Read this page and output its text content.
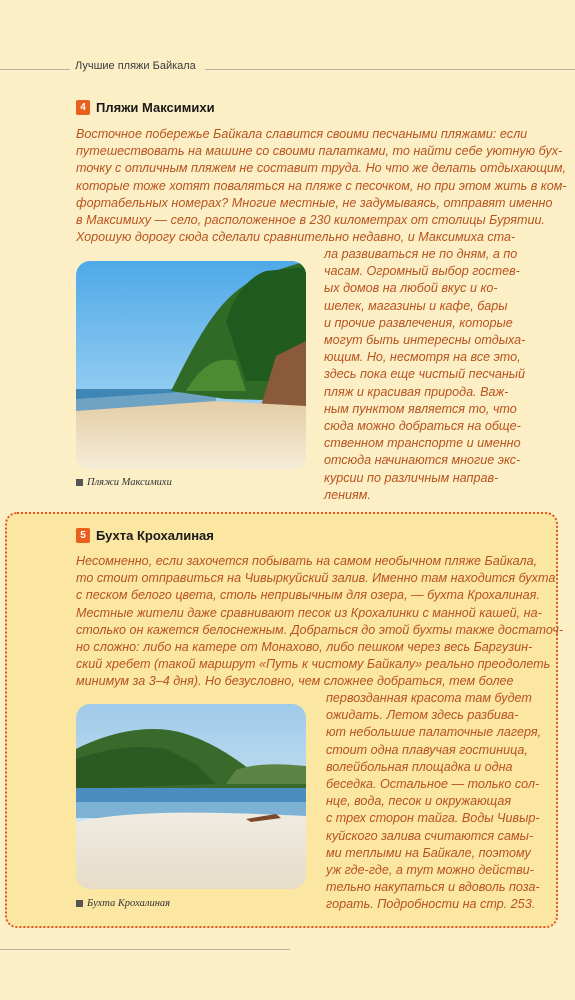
Лучшие пляжи Байкала
4 Пляжи Максимихи

Восточное побережье Байкала славится своими песчаными пляжами: если
путешествовать на машине со своими палатками, то найти себе уютную бух-
точку с отличным пляжем не составит труда. Но что же делать отдыхающим,
которые тоже хотят поваляться на пляже с песочком, но при этом жить в ком-
фортабельных номерах? Многие местные, не задумываясь, отправят именно
в Максимиху — село, расположенное в 230 километрах от столицы Бурятии.
Хорошую дорогу сюда сделали сравнительно недавно, и Максимиха ста-

ла развиваться не по дням, а по
часам. Огромный выбор гостев-
ых домов на любой вкус и ко-
шелек, магазины и кафе, бары
и прочие развлечения, которые
могут быть интересны отдыха-
ющим. Но, несмотря на все это,
здесь пока еще чистый песчаный
пляж и красивая природа. Важ-
ным пунктом является то, что
сюда можно добраться на обще-
ственном транспорте и именно
отсюда начинаются многие экс-
курсии по различным направ-
лениям.

Пляжи Максимихи
5 Бухта Крохалиная

Несомненно, если захочется побывать на самом необычном пляже Байкала,
то стоит отправиться на Чивыркуйский залив. Именно там находится бухта
с песком белого цвета, столь непривычным для озера, — бухта Крохалиная.
Местные жители даже сравнивают песок из Крохалинки с манной кашей, на-
столько он кажется белоснежным. Добраться до этой бухты также достаточ-
но сложно: либо на катере от Монахово, либо пешком через весь Баргузин-
ский хребет (такой маршрут «Путь к чистому Байкалу» реально преодолеть
минимум за 3–4 дня). Но безусловно, чем сложнее добраться, тем более

первозданная красота там будет
ожидать. Летом здесь разбива-
ют небольшие палаточные лагеря,
стоит одна плавучая гостиница,
волейбольная площадка и одна
беседка. Остальное — только сол-
нце, вода, песок и окружающая
с трех сторон тайга. Воды Чивыр-
куйского залива считаются самы-
ми теплыми на Байкале, поэтому
уж где-где, а тут можно действи-
тельно накупаться и вдоволь поза-
горать. Подробности на стр. 253.

Бухта Крохалиная
